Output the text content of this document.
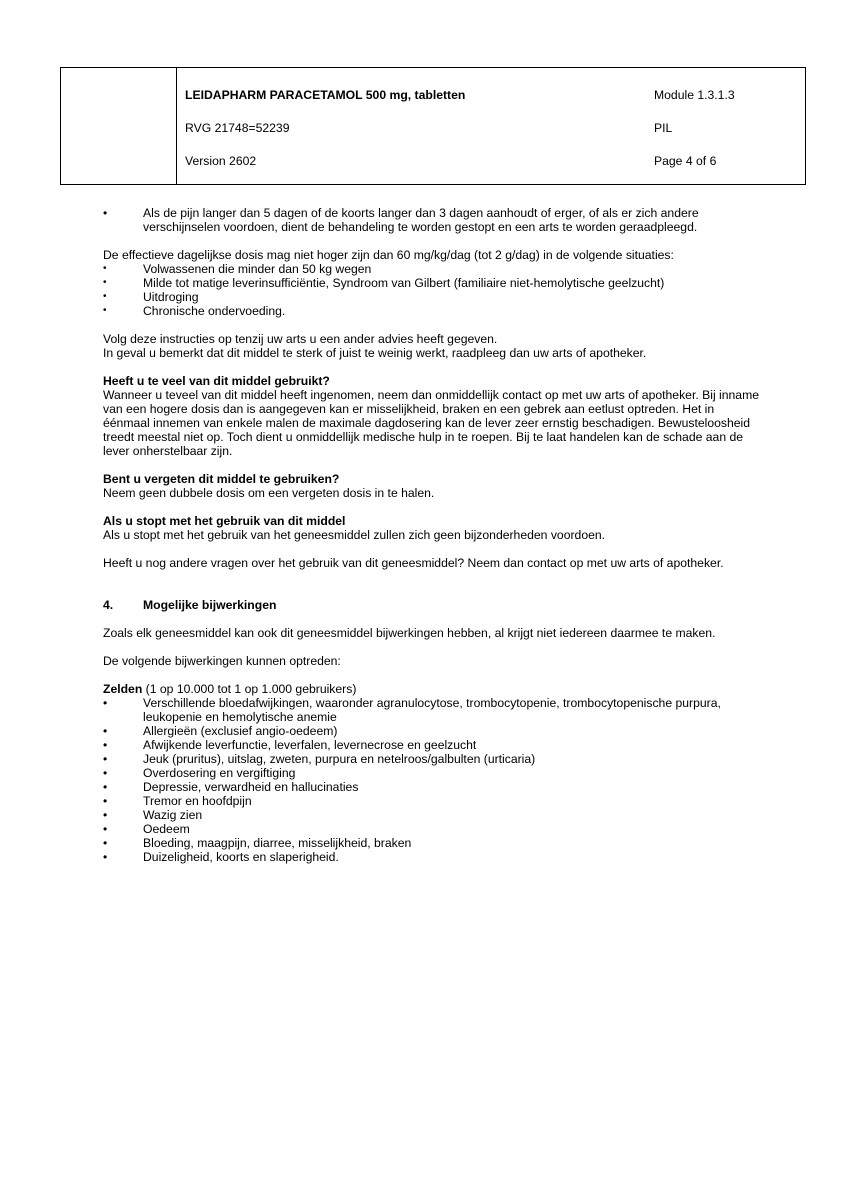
LEIDAPHARM PARACETAMOL 500 mg, tabletten
RVG 21748=52239
Version 2602
Module 1.3.1.3
PIL
Page 4 of 6
•
Als de pijn langer dan 5 dagen of de koorts langer dan 3 dagen aanhoudt of erger, of als er zich andere verschijnselen voordoen, dient de behandeling te worden gestopt en een arts te worden geraadpleegd.

De effectieve dagelijkse dosis mag niet hoger zijn dan 60 mg/kg/dag (tot 2 g/dag) in de volgende situaties:

•	Volwassenen die minder dan 50 kg wegen
•	Milde tot matige leverinsufficiëntie, Syndroom van Gilbert (familiaire niet-hemolytische geelzucht)
•	Uitdroging
•	Chronische ondervoeding.

Volg deze instructies op tenzij uw arts u een ander advies heeft gegeven.

In geval u bemerkt dat dit middel te sterk of juist te weinig werkt, raadpleeg dan uw arts of apotheker.

Heeft u te veel van dit middel gebruikt?

Wanneer u teveel van dit middel heeft ingenomen, neem dan onmiddellijk contact op met uw arts of apotheker. Bij inname van een hogere dosis dan is aangegeven kan er misselijkheid, braken en een gebrek aan eetlust optreden. Het in éénmaal innemen van enkele malen de maximale dagdosering kan de lever zeer ernstig beschadigen. Bewusteloosheid treedt meestal niet op. Toch dient u onmiddellijk medische hulp in te roepen. Bij te laat handelen kan de schade aan de lever onherstelbaar zijn.

Bent u vergeten dit middel te gebruiken?

Neem geen dubbele dosis om een vergeten dosis in te halen.

Als u stopt met het gebruik van dit middel

Als u stopt met het gebruik van het geneesmiddel zullen zich geen bijzonderheden voordoen.

Heeft u nog andere vragen over het gebruik van dit geneesmiddel? Neem dan contact op met uw arts of apotheker.

4.	Mogelijke bijwerkingen

Zoals elk geneesmiddel kan ook dit geneesmiddel bijwerkingen hebben, al krijgt niet iedereen daarmee te maken.

De volgende bijwerkingen kunnen optreden:

Zelden (1 op 10.000 tot 1 op 1.000 gebruikers)

•
Verschillende bloedafwijkingen, waaronder agranulocytose, trombocytopenie, trombocytopenische purpura, leukopenie en hemolytische anemie
•
Allergieën (exclusief angio-oedeem)
•
Afwijkende leverfunctie, leverfalen, levernecrose en geelzucht
•
Jeuk (pruritus), uitslag, zweten, purpura en netelroos/galbulten (urticaria)
•
Overdosering en vergiftiging
•
Depressie, verwardheid en hallucinaties
•
Tremor en hoofdpijn
•
Wazig zien
•
Oedeem
•
Bloeding, maagpijn, diarree, misselijkheid, braken
•
Duizeligheid, koorts en slaperigheid.
